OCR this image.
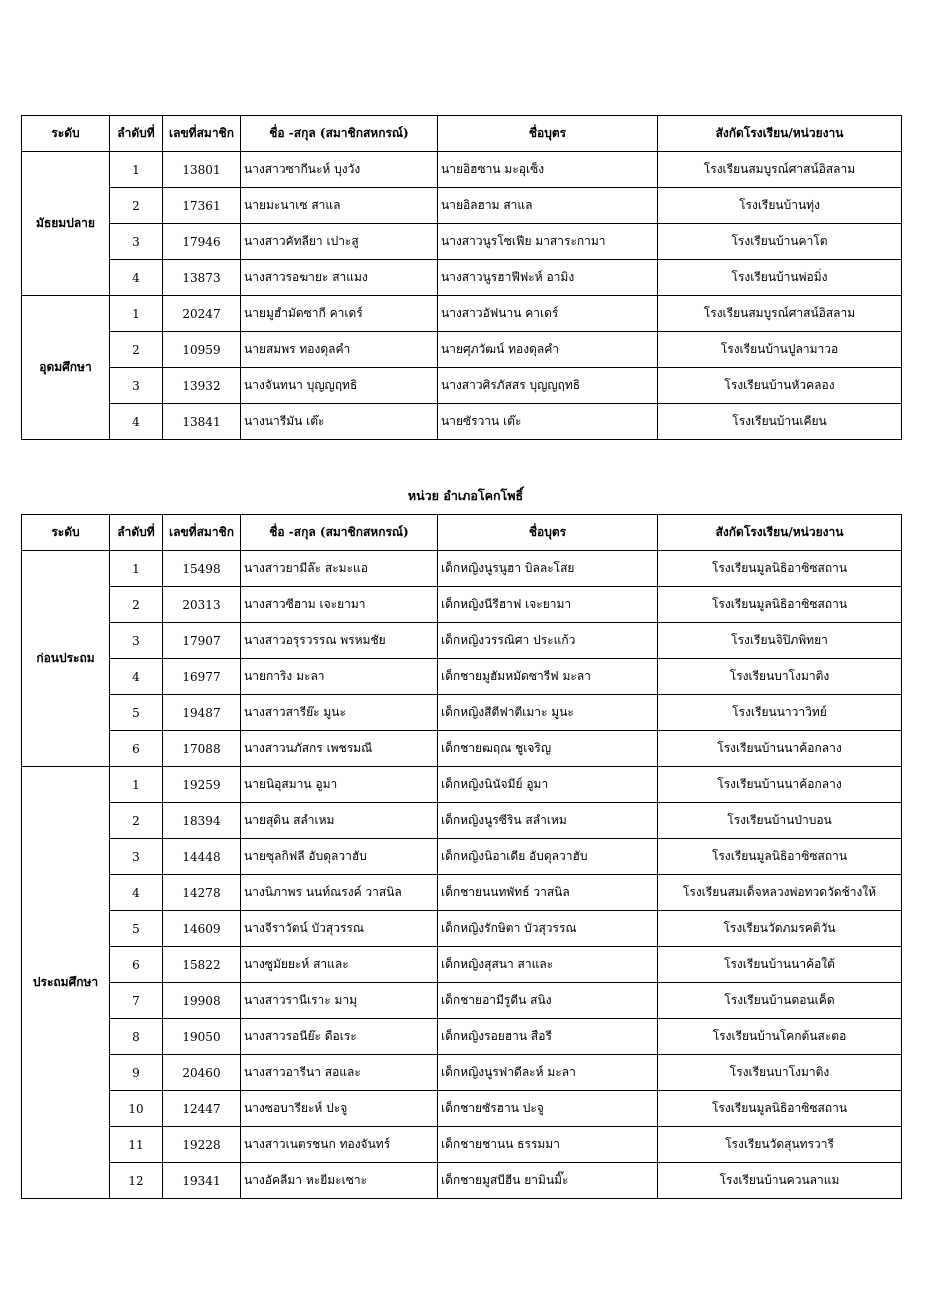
ระดับ	ลำดับที่	เลขที่สมาชิก	ชื่อ -สกุล (สมาชิกสหกรณ์)	ชื่อบุตร	สังกัดโรงเรียน/หน่วยงาน
มัธยมปลาย	1	13801	นางสาวซากีนะห์ บุงวัง	นายอิฮซาน มะอุเซ็ง	โรงเรียนสมบูรณ์ศาสน์อิสลาม
	2	17361	นายมะนาเซ สาแล	นายอิลฮาม สาแล	โรงเรียนบ้านทุ่ง
	3	17946	นางสาวคัทลียา เปาะสู	นางสาวนูรโซเฟีย มาสาระกามา	โรงเรียนบ้านคาโต
	4	13873	นางสาวรอฆายะ สาแมง	นางสาวนูรฮาฟีฟะห์ อามิง	โรงเรียนบ้านพ่อมิ่ง
อุดมศึกษา	1	20247	นายมูฮำมัดซากี คาเดร์	นางสาวอัฟนาน คาเดร์	โรงเรียนสมบูรณ์ศาสน์อิสลาม
	2	10959	นายสมพร ทองดุลคำ	นายศุภวัฒน์ ทองดุลคำ	โรงเรียนบ้านปูลามาวอ
	3	13932	นางจันทนา บุญญฤทธิ	นางสาวศิรภัสสร บุญญฤทธิ	โรงเรียนบ้านหัวคลอง
	4	13841	นางนารีมัน เต๊ะ	นายซัรวาน เต๊ะ	โรงเรียนบ้านเคียน
หน่วย อำเภอโคกโพธิ์
ระดับ	ลำดับที่	เลขที่สมาชิก	ชื่อ -สกุล (สมาชิกสหกรณ์)	ชื่อบุตร	สังกัดโรงเรียน/หน่วยงาน
ก่อนประถม	1	15498	นางสาวยามีล๊ะ สะมะแอ	เด็กหญิงนูรนูฮา บิลละโสย	โรงเรียนมูลนิธิอาซิซสถาน
	2	20313	นางสาวซีฮาม เจะยามา	เด็กหญิงนีรีฮาฟ เจะยามา	โรงเรียนมูลนิธิอาซิซสถาน
	3	17907	นางสาวอรุรวรรณ พรหมชัย	เด็กหญิงวรรณิศา ประแก้ว	โรงเรียนจิปิภพิทยา
	4	16977	นายการิง มะลา	เด็กชายมูฮัมหมัดซารีฟ มะลา	โรงเรียนบาโงมาติง
	5	19487	นางสาวสารีย๊ะ มูนะ	เด็กหญิงสีตีฟาตีเมาะ มูนะ	โรงเรียนนาวาวิทย์
	6	17088	นางสาวนภัสกร เพชรมณี	เด็กชายฒฤณ ชูเจริญ	โรงเรียนบ้านนาค้อกลาง
ประถมศึกษา	1	19259	นายนิอุสมาน อูมา	เด็กหญิงนินัจมีย์ อูมา	โรงเรียนบ้านนาค้อกลาง
	2	18394	นายสุดิน สลำเหม	เด็กหญิงนูรซีริน สลำเหม	โรงเรียนบ้านป่าบอน
	3	14448	นายซุลกิฟลี อับดุลวาฮับ	เด็กหญิงนิอาเดีย อับดุลวาฮับ	โรงเรียนมูลนิธิอาซิซสถาน
	4	14278	นางนิภาพร นนท์ณรงค์ วาสนิล	เด็กชายนนทพัทธ์ วาสนิล	โรงเรียนสมเด็จหลวงพ่อทวดวัดช้างให้
	5	14609	นางจีราวัตน์ บัวสุวรรณ	เด็กหญิงรักษิตา บัวสุวรรณ	โรงเรียนวัดภมรคติวัน
	6	15822	นางซูมัยยะห์ สาและ	เด็กหญิงสุสนา สาและ	โรงเรียนบ้านนาค้อใต้
	7	19908	นางสาวรานีเราะ มามุ	เด็กชายอามีรูดีน สนิง	โรงเรียนบ้านดอนเค็ด
	8	19050	นางสาวรอนีย๊ะ ดือเระ	เด็กหญิงรอยฮาน สือรี	โรงเรียนบ้านโคกต้นสะตอ
	9	20460	นางสาวอารีนา สอและ	เด็กหญิงนูรฟาดีละห์ มะลา	โรงเรียนบาโงมาติง
	10	12447	นางซอบารียะห์ ปะจู	เด็กชายซัรฮาน ปะจู	โรงเรียนมูลนิธิอาซิซสถาน
	11	19228	นางสาวเนตรชนก ทองจันทร์	เด็กชายชานน ธรรมมา	โรงเรียนวัดสุนทรวารี
	12	19341	นางอัคลีมา หะยีมะเซาะ	เด็กชายมูสบีฮีน ยามินมิ๊ะ	โรงเรียนบ้านควนลาแม
